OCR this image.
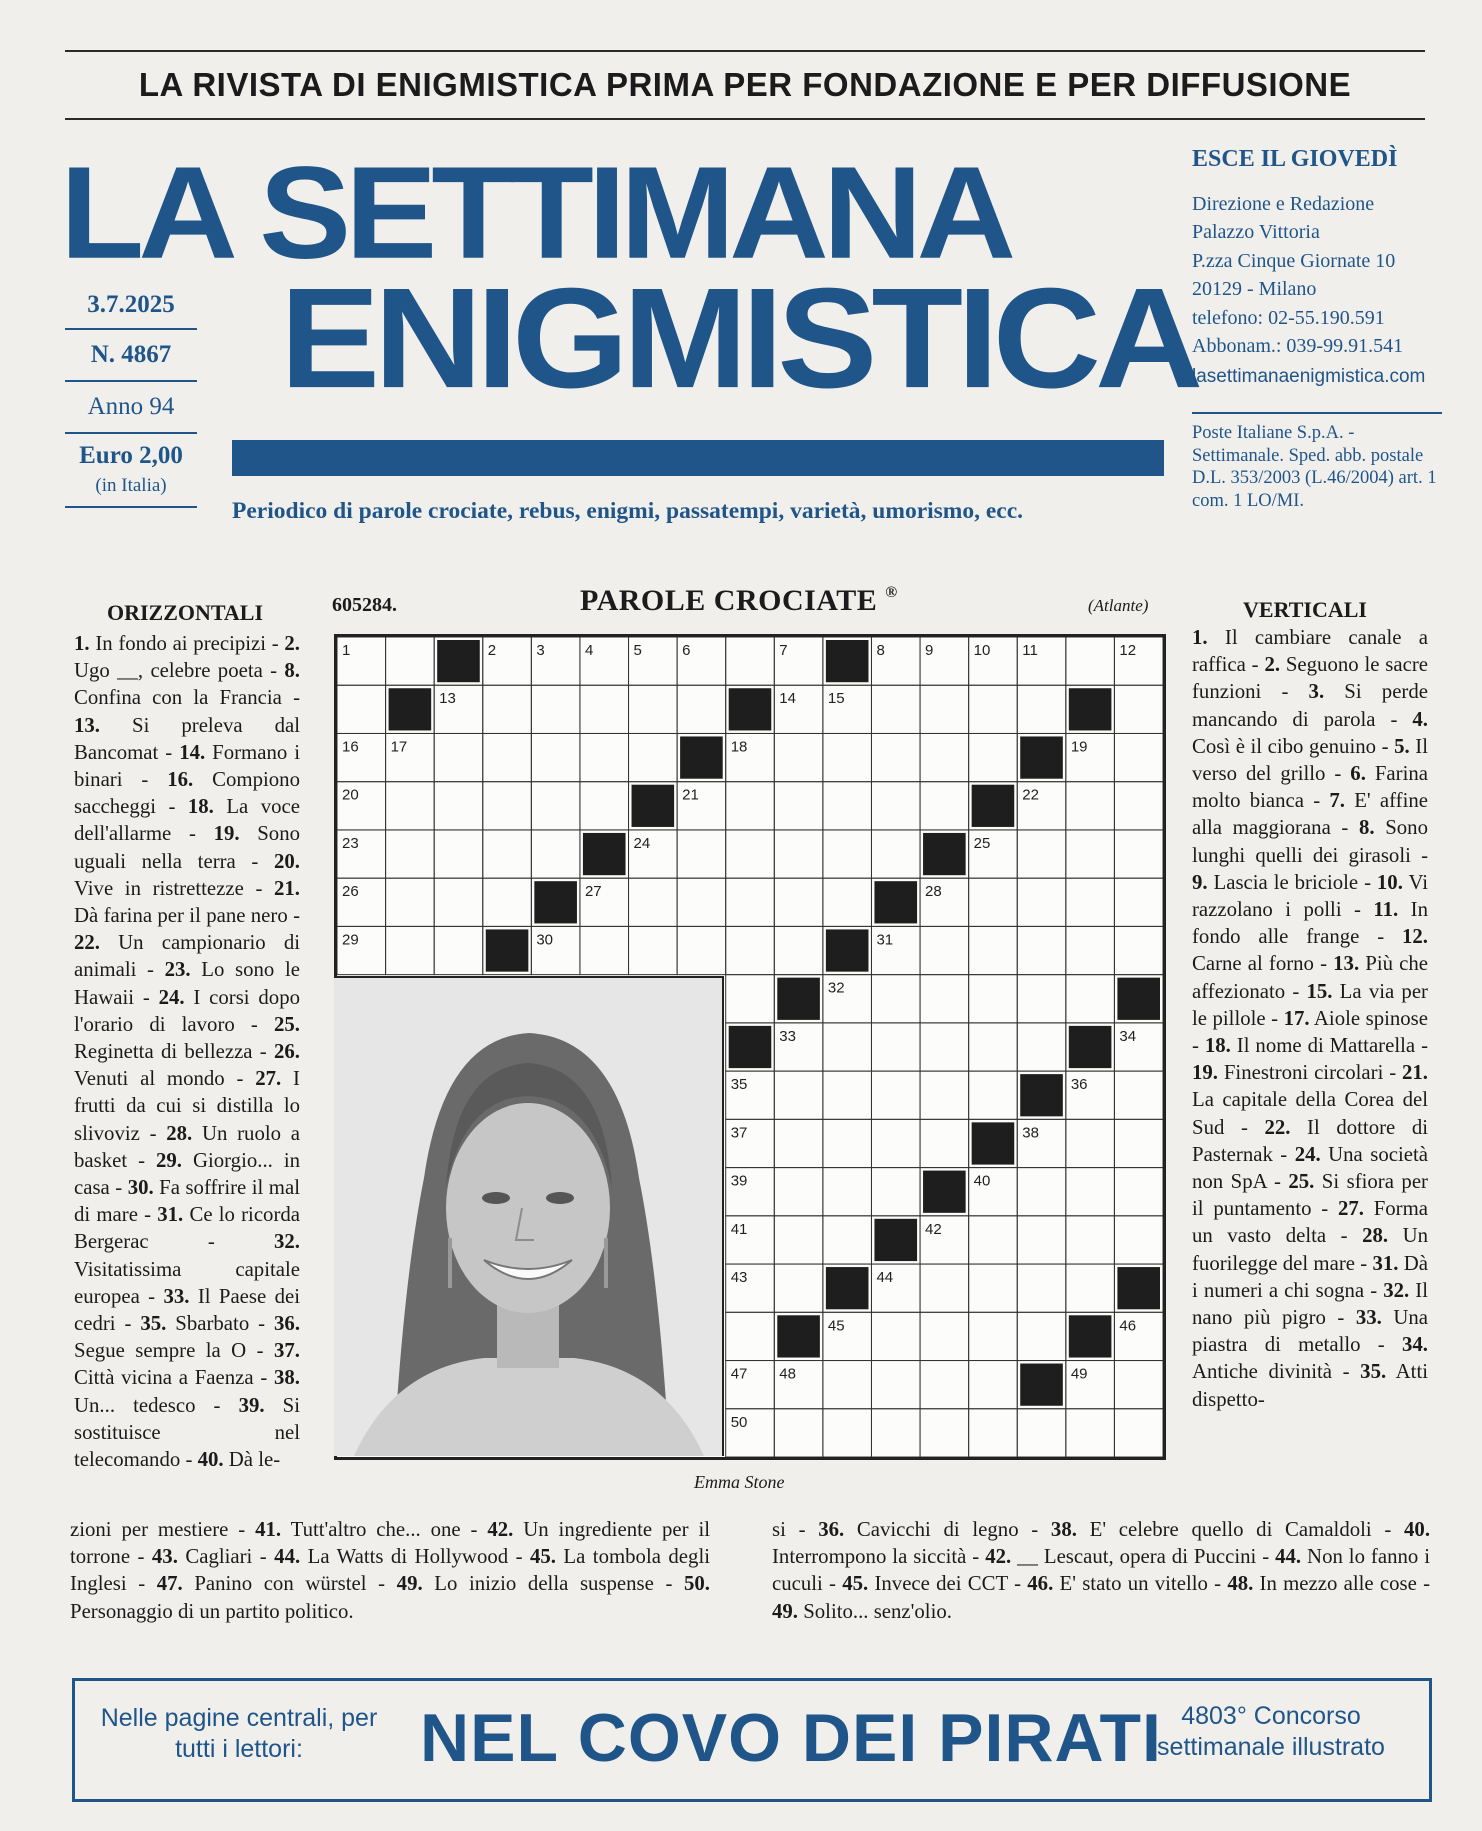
LA RIVISTA DI ENIGMISTICA PRIMA PER FONDAZIONE E PER DIFFUSIONE
LA SETTIMANA
ENIGMISTICA
Periodico di parole crociate, rebus, enigmi, passatempi, varietà, umorismo, ecc.
3.7.2025
N. 4867
Anno 94
Euro 2,00
(in Italia)
ESCE IL GIOVEDÌ
Direzione e Redazione
Palazzo Vittoria
P.zza Cinque Giornate 10
20129 - Milano
telefono: 02-55.190.591
Abbonam.: 039-99.91.541
lasettimanaenigmistica.com
Poste Italiane S.p.A. - Settimanale. Sped. abb. postale D.L. 353/2003 (L.46/2004) art. 1 com. 1 LO/MI.
ORIZZONTALI	VERTICALI
1. In fondo ai precipizi - 2. Ugo __, celebre poeta - 8. Confina con la Francia - 13. Si preleva dal Bancomat - 14. Formano i binari - 16. Compiono saccheggi - 18. La voce dell'allarme - 19. Sono uguali nella terra - 20. Vive in ristrettezze - 21. Dà farina per il pane nero - 22. Un campionario di animali - 23. Lo sono le Hawaii - 24. I corsi dopo l'orario di lavoro - 25. Reginetta di bellezza - 26. Venuti al mondo - 27. I frutti da cui si distilla lo slivoviz - 28. Un ruolo a basket - 29. Giorgio... in casa - 30. Fa soffrire il mal di mare - 31. Ce lo ricorda Bergerac - 32. Visitatissima capitale europea - 33. Il Paese dei cedri - 35. Sbarbato - 36. Segue sempre la O - 37. Città vicina a Faenza - 38. Un... tedesco - 39. Si sostituisce nel telecomando - 40. Dà le-
1. Il cambiare canale a raffica - 2. Seguono le sacre funzioni - 3. Si perde mancando di parola - 4. Così è il cibo genuino - 5. Il verso del grillo - 6. Farina molto bianca - 7. E' affine alla maggiorana - 8. Sono lunghi quelli dei girasoli - 9. Lascia le briciole - 10. Vi razzolano i polli - 11. In fondo alle frange - 12. Carne al forno - 13. Più che affezionato - 15. La via per le pillole - 17. Aiole spinose - 18. Il nome di Mattarella - 19. Finestroni circolari - 21. La capitale della Corea del Sud - 22. Il dottore di Pasternak - 24. Una società non SpA - 25. Si sfiora per il puntamento - 27. Forma un vasto delta - 28. Un fuorilegge del mare - 31. Dà i numeri a chi sogna - 32. Il nano più pigro - 33. Una piastra di metallo - 34. Antiche divinità - 35. Atti dispetto-
zioni per mestiere - 41. Tutt'altro che... one - 42. Un ingrediente per il torrone - 43. Cagliari - 44. La Watts di Hollywood - 45. La tombola degli Inglesi - 47. Panino con würstel - 49. Lo inizio della suspense - 50. Personaggio di un partito politico.
si - 36. Cavicchi di legno - 38. E' celebre quello di Camaldoli - 40. Interrompono la siccità - 42. __ Lescaut, opera di Puccini - 44. Non lo fanno i cuculi - 45. Invece dei CCT - 46. E' stato un vitello - 48. In mezzo alle cose - 49. Solito... senz'olio.
605284.	PAROLE CROCIATE ®
(Atlante)
1	2	3	4	5	6	7	8	9	10 11	12
13	14 15
16 17	18	19
20	21	22
23	24	25
26	27	28
29	30	31
32
33	34
35	36
37	38
39	40
41	42
43	44
45	46
47 48	49
50
Emma Stone
Nelle pagine centrali, per tutti i lettori:	NEL COVO DEI PIRATI 4803° Concorso settimanale illustrato
